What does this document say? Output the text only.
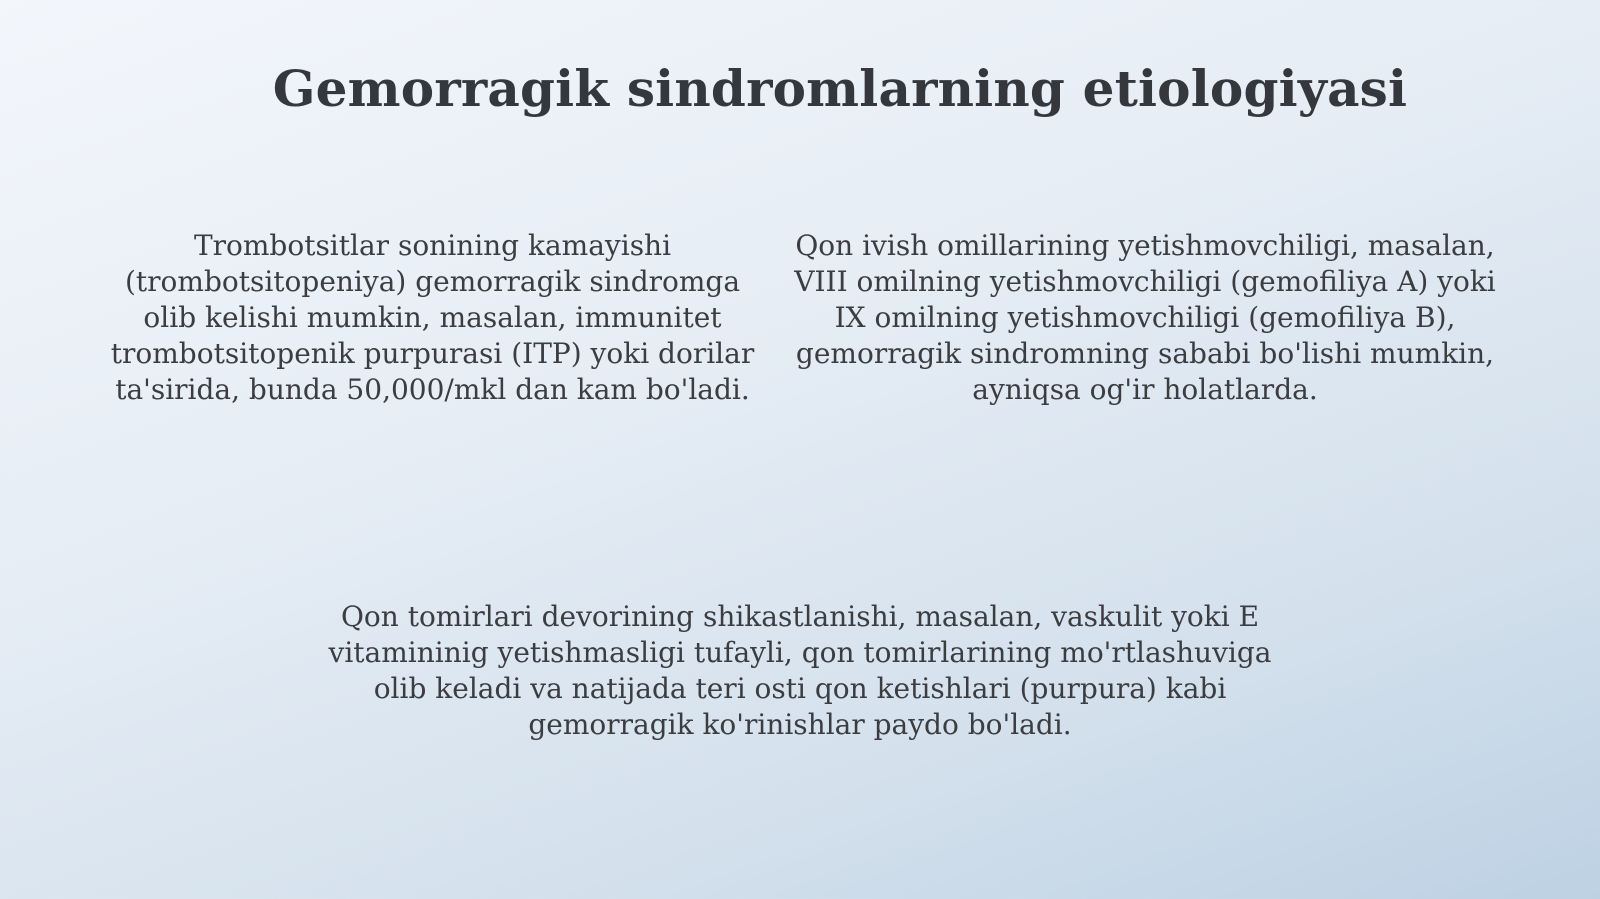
Gemorragik sindromlarning etiologiyasi

Trombotsitlar sonining kamayishi (trombotsitopeniya) gemorragik sindromga olib kelishi mumkin, masalan, immunitet trombotsitopenik purpurasi (ITP) yoki dorilar ta'sirida, bunda 50,000/mkl dan kam bo'ladi.

Qon ivish omillarining yetishmovchiligi, masalan, VIII omilning yetishmovchiligi (gemofiliya A) yoki IX omilning yetishmovchiligi (gemofiliya B), gemorragik sindromning sababi bo'lishi mumkin, ayniqsa og'ir holatlarda.

Qon tomirlari devorining shikastlanishi, masalan, vaskulit yoki E vitamininig yetishmasligi tufayli, qon tomirlarining mo'rtlashuviga olib keladi va natijada teri osti qon ketishlari (purpura) kabi gemorragik ko'rinishlar paydo bo'ladi.
